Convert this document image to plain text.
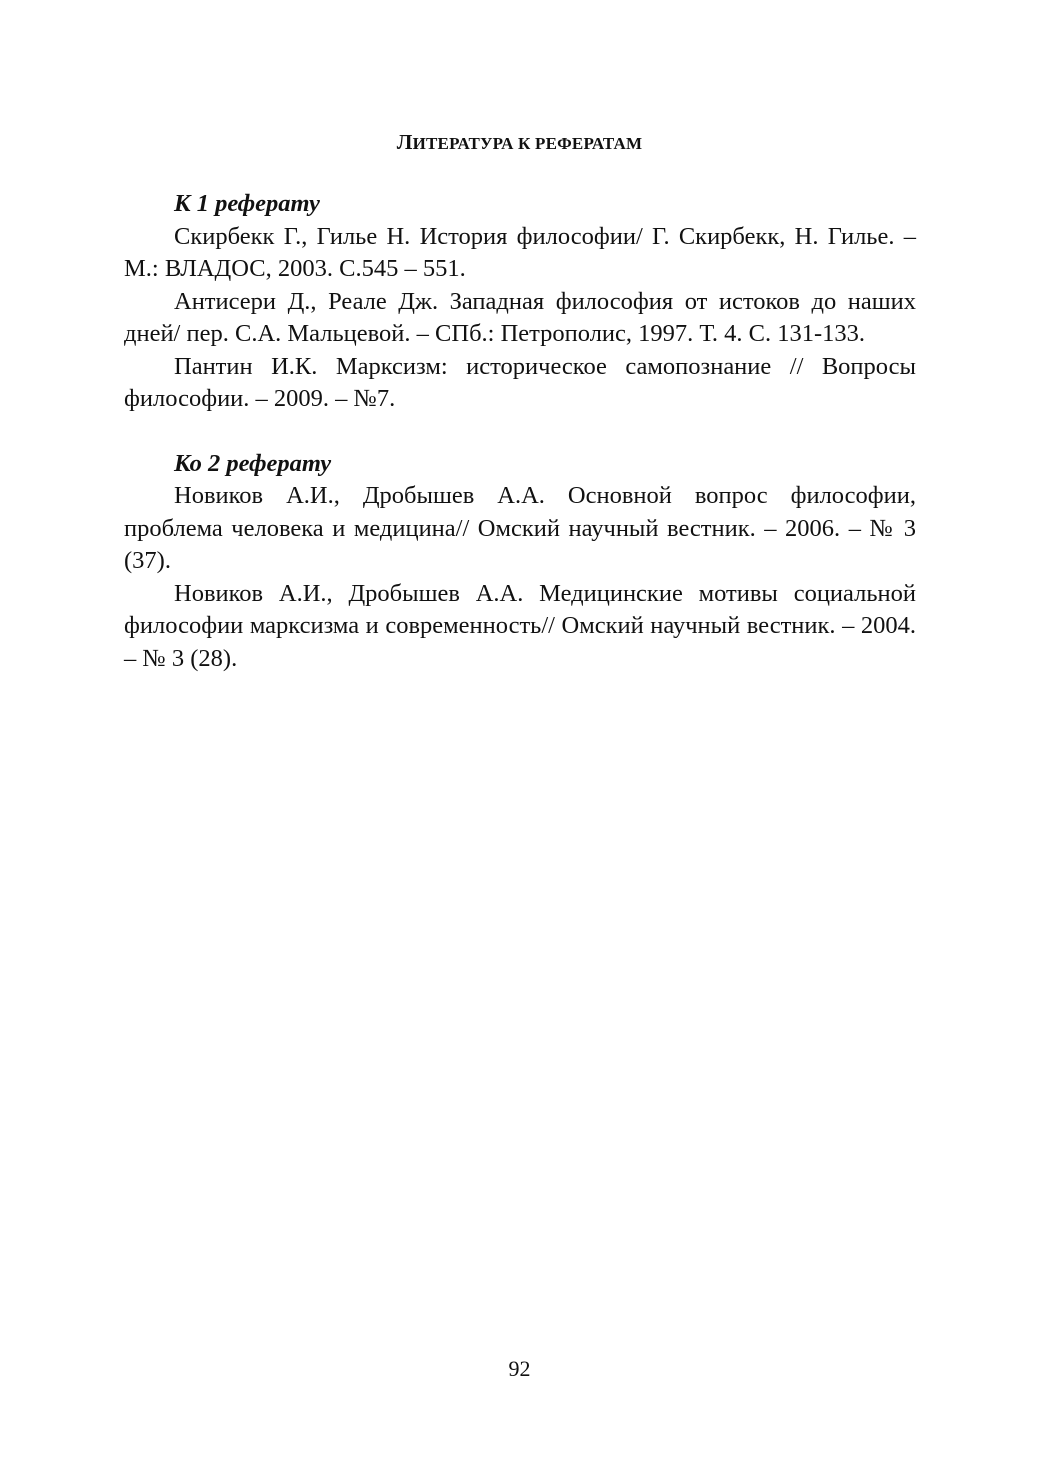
ЛИТЕРАТУРА К РЕФЕРАТАМ

К 1 реферату

Скирбекк Г., Гилье Н. История философии/ Г. Скирбекк, Н. Гилье. – М.: ВЛАДОС, 2003. С.545 – 551.

Антисери Д., Реале Дж. Западная философия от истоков до наших дней/ пер. С.А. Мальцевой. – СПб.: Петрополис, 1997. Т. 4. С. 131-133.

Пантин И.К. Марксизм: историческое самопознание // Вопросы философии. – 2009. – №7.

Ко 2 реферату

Новиков А.И., Дробышев А.А. Основной вопрос философии, проблема человека и медицина// Омский научный вестник. – 2006. – № 3 (37).

Новиков А.И., Дробышев А.А. Медицинские мотивы социальной философии марксизма и современность// Омский научный вестник. – 2004. – № 3 (28).

92
